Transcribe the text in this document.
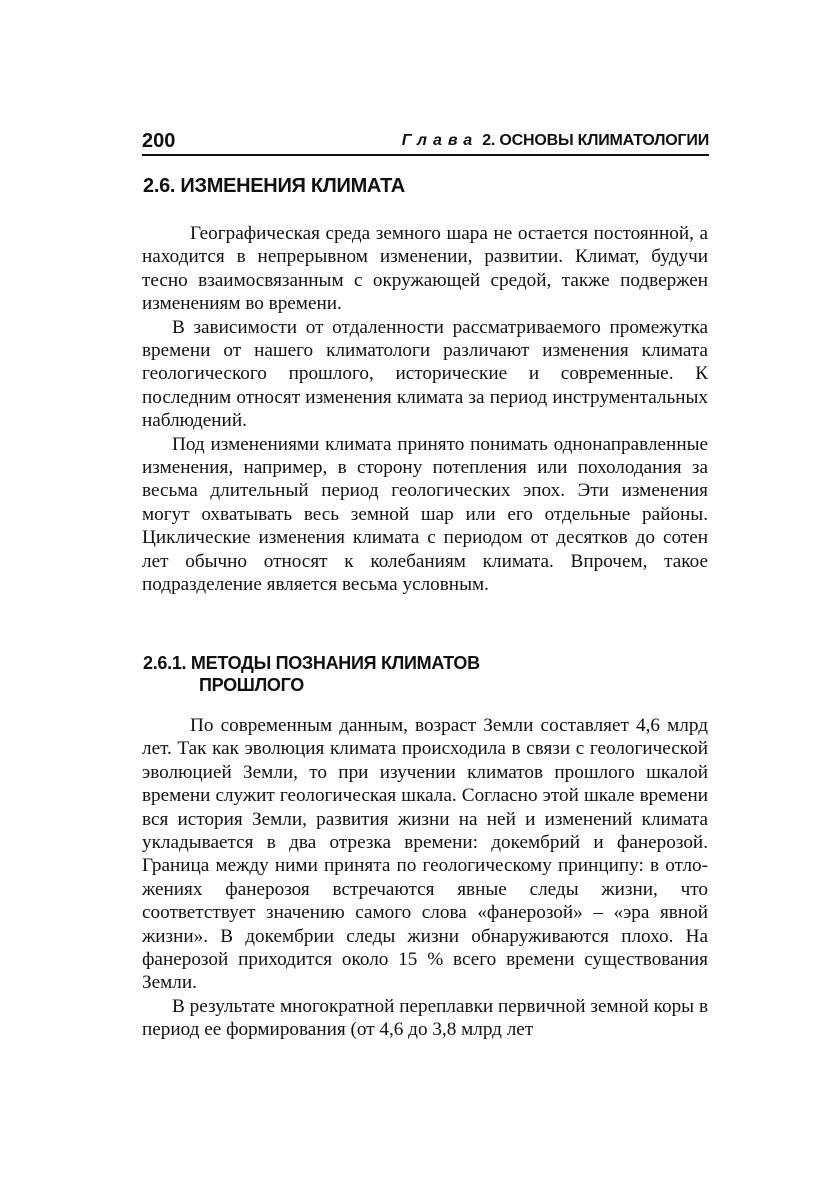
200	Глава 2. ОСНОВЫ КЛИМАТОЛОГИИ
2.6. ИЗМЕНЕНИЯ КЛИМАТА

Географическая среда земного шара не остается постоянной, а находится в непрерывном изменении, развитии. Климат, будучи тесно взаимосвязанным с окружающей средой, также подвержен изменениям во времени.

В зависимости от отдаленности рассматриваемого промежутка времени от нашего климатологи различают изменения климата геологического прошлого, исторические и современные. К последним относят изменения климата за период инструментальных наблюдений.

Под изменениями климата принято понимать однонаправленные изменения, например, в сторону потепления или похолодания за весьма длительный период геологических эпох. Эти изменения могут охватывать весь земной шар или его отдельные районы. Циклические изменения климата с периодом от десятков до сотен лет обычно относят к колебаниям климата. Впрочем, такое подразделение является весьма условным.

2.6.1. МЕТОДЫ ПОЗНАНИЯ КЛИМАТОВ
ПРОШЛОГО

По современным данным, возраст Земли составляет 4,6 млрд лет. Так как эволюция климата происходила в связи с геологической эволюцией Земли, то при изучении климатов прошлого шкалой времени служит геологическая шкала. Согласно этой шкале времени вся история Земли, развития жизни на ней и изменений климата укладывается в два отрезка времени: докембрий и фанерозой. Граница между ними принята по геологическому принципу: в отложениях фанерозоя встречаются явные следы жизни, что соответствует значению самого слова «фанерозой» – «эра явной жизни». В докембрии следы жизни обнаруживаются плохо. На фанерозой приходится около 15 % всего времени существования Земли.

В результате многократной переплавки первичной земной коры в период ее формирования (от 4,6 до 3,8 млрд лет
